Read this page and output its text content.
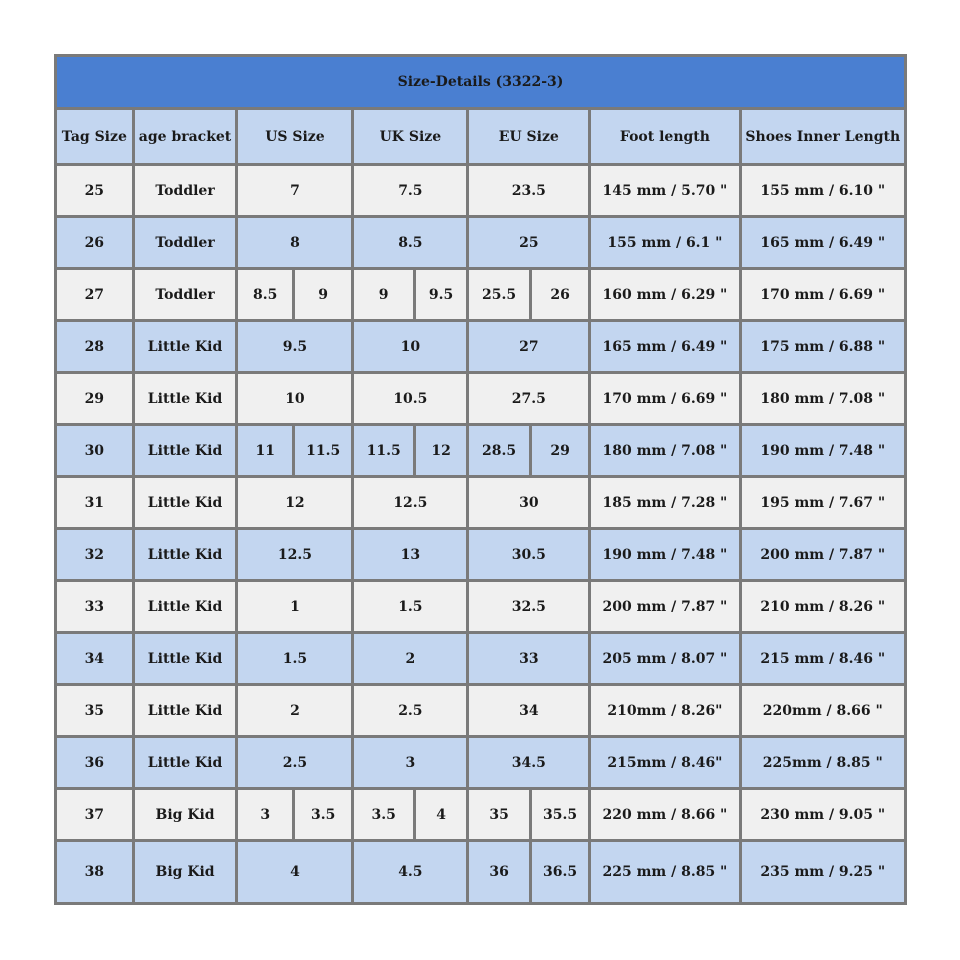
Size-Details (3322-3)
Tag Size	age bracket	US Size		UK Size		EU Size		Foot length	Shoes Inner Length
25	Toddler	7		7.5		23.5		145 mm / 5.70 "	155 mm / 6.10 "
26	Toddler	8		8.5		25		155 mm / 6.1 "	165 mm / 6.49 "
27	Toddler	8.5	9	9	9.5	25.5	26	160 mm / 6.29 "	170 mm / 6.69 "
28	Little Kid	9.5		10		27		165 mm / 6.49 "	175 mm / 6.88 "
29	Little Kid	10		10.5		27.5		170 mm / 6.69 "	180 mm / 7.08 "
30	Little Kid	11	11.5	11.5	12	28.5	29	180 mm / 7.08 "	190 mm / 7.48 "
31	Little Kid	12		12.5		30		185 mm / 7.28 "	195 mm / 7.67 "
32	Little Kid	12.5		13		30.5		190 mm / 7.48 "	200 mm / 7.87 "
33	Little Kid	1		1.5		32.5		200 mm / 7.87 "	210 mm / 8.26 "
34	Little Kid	1.5		2		33		205 mm / 8.07 "	215 mm / 8.46 "
35	Little Kid	2		2.5		34		210mm / 8.26"	220mm / 8.66 "
36	Little Kid	2.5		3		34.5		215mm / 8.46"	225mm / 8.85 "
37	Big Kid	3	3.5	3.5	4	35	35.5	220 mm / 8.66 "	230 mm / 9.05 "
38	Big Kid	4		4.5		36	36.5	225 mm / 8.85 "	235 mm / 9.25 "
